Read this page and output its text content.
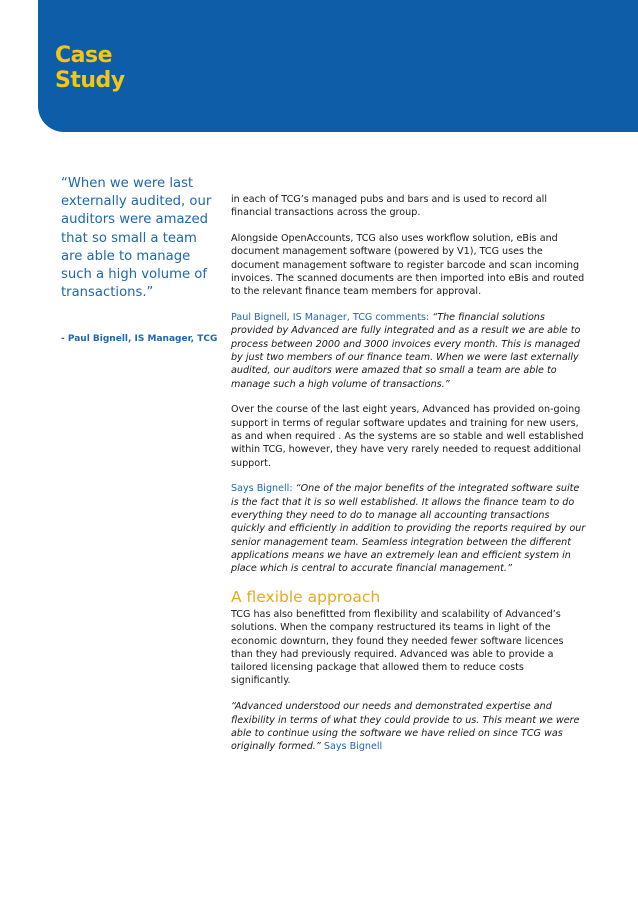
Case
Study

“When we were last externally audited, our auditors were amazed that so small a team are able to manage such a high volume of transactions.”

- Paul Bignell, IS Manager, TCG

in each of TCG’s managed pubs and bars and is used to record all financial transactions across the group.

Alongside OpenAccounts, TCG also uses workflow solution, eBis and document management software (powered by V1), TCG uses the document management software to register barcode and scan incoming invoices. The scanned documents are then imported into eBis and routed to the relevant finance team members for approval.

Paul Bignell, IS Manager, TCG comments: “The financial solutions provided by Advanced are fully integrated and as a result we are able to process between 2000 and 3000 invoices every month. This is managed by just two members of our finance team. When we were last externally audited, our auditors were amazed that so small a team are able to manage such a high volume of transactions.”

Over the course of the last eight years, Advanced has provided on-going support in terms of regular software updates and training for new users, as and when required . As the systems are so stable and well established within TCG, however, they have very rarely needed to request additional support.

Says Bignell: “One of the major benefits of the integrated software suite is the fact that it is so well established. It allows the finance team to do everything they need to do to manage all accounting transactions quickly and efficiently in addition to providing the reports required by our senior management team. Seamless integration between the different applications means we have an extremely lean and efficient system in place which is central to accurate financial management.”

A flexible approach

TCG has also benefitted from flexibility and scalability of Advanced’s solutions. When the company restructured its teams in light of the economic downturn, they found they needed fewer software licences than they had previously required. Advanced was able to provide a tailored licensing package that allowed them to reduce costs significantly.

“Advanced understood our needs and demonstrated expertise and flexibility in terms of what they could provide to us. This meant we were able to continue using the software we have relied on since TCG was originally formed.” Says Bignell
